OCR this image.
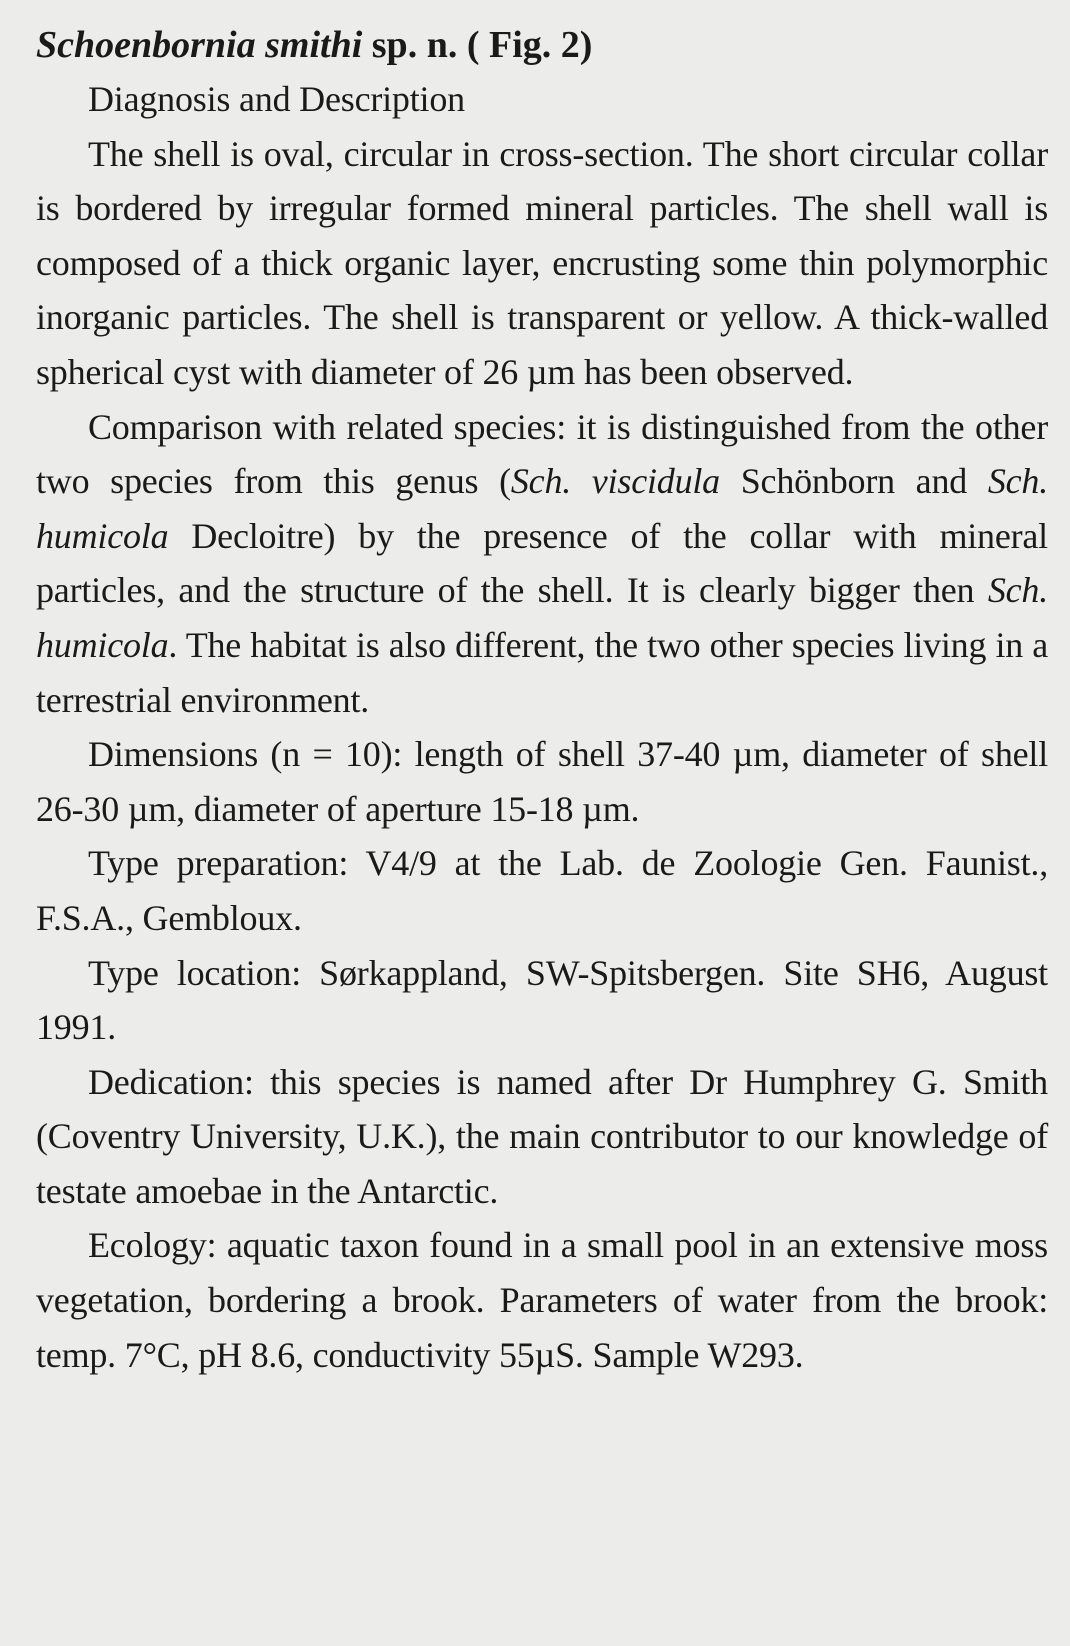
Schoenbornia smithi sp. n. ( Fig. 2)

Diagnosis and Description

The shell is oval, circular in cross-section. The short circular collar is bordered by irregular formed mineral particles. The shell wall is composed of a thick organic layer, encrusting some thin polymorphic inorganic particles. The shell is transparent or yellow. A thick-walled spherical cyst with diameter of 26 µm has been observed.

Comparison with related species: it is distinguished from the other two species from this genus (Sch. viscidula Schönborn and Sch. humicola Decloitre) by the presence of the collar with mineral particles, and the structure of the shell. It is clearly bigger then Sch. humicola. The habitat is also different, the two other species living in a terrestrial environment.

Dimensions (n = 10): length of shell 37-40 µm, diameter of shell 26-30 µm, diameter of aperture 15-18 µm.

Type preparation: V4/9 at the Lab. de Zoologie Gen. Faunist., F.S.A., Gembloux.

Type location: Sørkappland, SW-Spitsbergen. Site SH6, August 1991.

Dedication: this species is named after Dr Humphrey G. Smith (Coventry University, U.K.), the main contributor to our knowledge of testate amoebae in the Antarctic.

Ecology: aquatic taxon found in a small pool in an extensive moss vegetation, bordering a brook. Parameters of water from the brook: temp. 7°C, pH 8.6, conductivity 55µS. Sample W293.
